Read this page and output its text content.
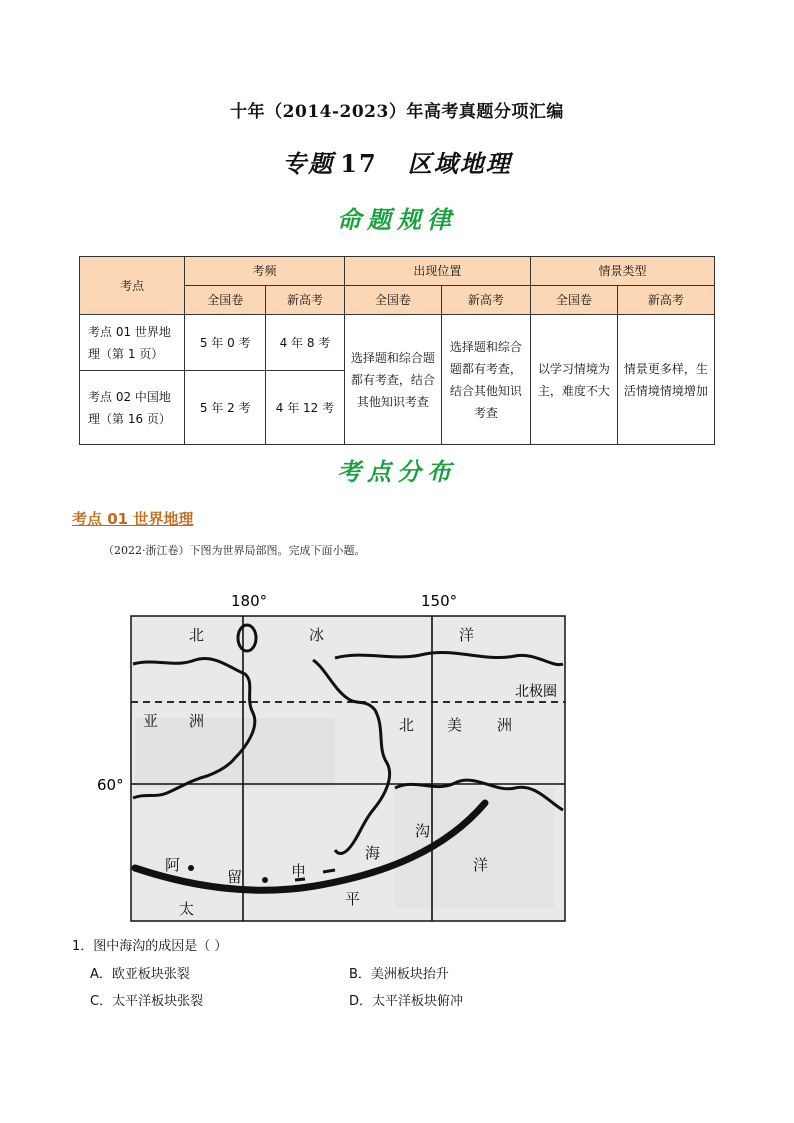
十年（2014-2023）年高考真题分项汇编
专题 17 区域地理
命题规律
考点	考频		出现位置		情景类型	
	全国卷	新高考	全国卷	新高考	全国卷	新高考
考点 01 世界地理（第 1 页）	5 年 0 考	4 年 8 考	选择题和综合题都有考查，结合其他知识考查	选择题和综合题都有考查，结合其他知识考查	以学习情境为主，难度不大	情景更多样，生活情境情境增加
考点 02 中国地理（第 16 页）	5 年 2 考	4 年 12 考				
考点分布
考点 01 世界地理
（2022·浙江卷）下图为世界局部图。完成下面小题。
180°	150°
60°
北极圈
北	冰	洋
亚 洲	北 美 洲
阿
留	申
海
沟
太
平
洋
1．图中海沟的成因是（ ）
A．欧亚板块张裂	B．美洲板块抬升
C．太平洋板块张裂	D．太平洋板块俯冲
